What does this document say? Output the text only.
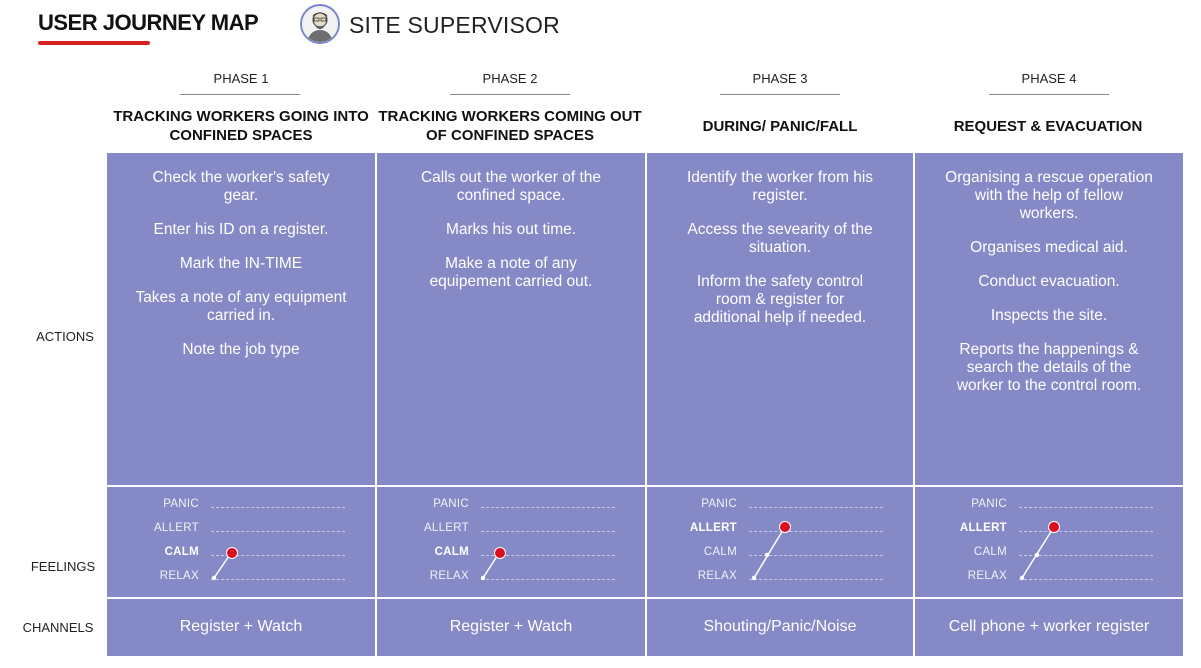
USER JOURNEY MAP	SITE SUPERVISOR
ACTIONS
FEELINGS
CHANNELS
PHASE 1
TRACKING WORKERS GOING INTO CONFINED SPACES

Check the worker's safety gear.

Enter his ID on a register.

Mark the IN-TIME

Takes a note of any equipment carried in.

Note the job type

PANIC
ALLERT
CALM
RELAX
Register + Watch
PHASE 2
TRACKING WORKERS COMING OUT OF CONFINED SPACES

Calls out the worker of the confined space.

Marks his out time.

Make a note of any equipement carried out.

PANIC
ALLERT
CALM
RELAX
Register + Watch
PHASE 3
DURING/ PANIC/FALL

Identify the worker from his register.

Access the sevearity of the situation.

Inform the safety control room & register for additional help if needed.

PANIC
ALLERT
CALM
RELAX
Shouting/Panic/Noise
PHASE 4
REQUEST & EVACUATION

Organising a rescue operation with the help of fellow workers.

Organises medical aid.

Conduct evacuation.

Inspects the site.

Reports the happenings & search the details of the worker to the control room.

PANIC
ALLERT
CALM
RELAX
Cell phone + worker register
